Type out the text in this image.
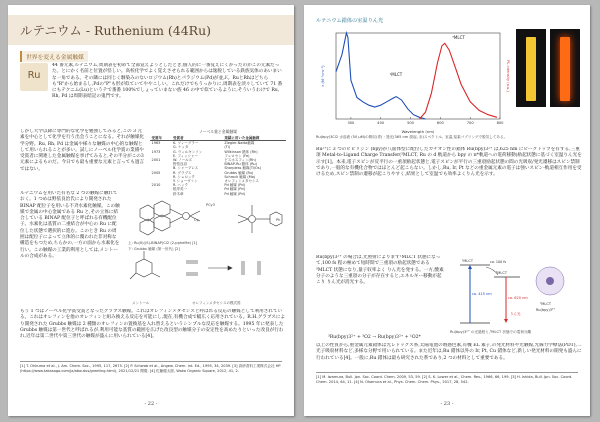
ルテニウム - Ruthenium (44Ru)
世界を変える金属触媒
Ru
44 番元素,ルテニウム,周期表を初めて全部覚えようとしたとき,個人的に一番覚えにくかったのがこの元素だった。とにかく名前と位置が怪しい。高校化学でよく覚えさせられる範囲からは逸脱している鉄族気体のあいまいな一角である。その隣には同じく馴染みのないロジウム(Rh)とパラジウム(Pd)が並ぶ。RuとRhはどちらも"R"から始まるし,Pdの"P"も形が似ていてややこしい。これだけでもうっかりに,周期表を淡々していて 71 番にもテクニム(Lu)というテで番番 100%でしょっていまない族 46 の中で似ているように,そういうわけで Ru, Rh, Pd は周期表暗記の鬼門です。
しかし大学以降に専門的な化学を勉強してみると,この 3 元素を中心として化学を行う出会うことになる。それが触媒化学分野。Ru, Rh, Pd は金属や様々な触媒の中心的な触媒として用いられることが多い。試しにノーベル化学賞の業績や受賞者に関連した金属触媒を挙げてみると,その半分がこの3元素によるものだ。今日でも最も重要な元素と言っても過言ではない。
ノーベル賞と金属触媒
受賞年	受賞者	業績に用いた金属触媒
1963	K. ツィーグラー	Ziegler-Natta触媒
	G. ナッタ	(Ti)
1973	G. ウィルキンソン	Wilkinson 錯体 (Rh)
	E. フィッシャー	フェロセン (Fe)
2001	W. ノールズ	ビスホスフィン(Rh)
	野依良治	BINAP-Ru 錯体 (Ru)
	B. シャープレス	Sharpless 触媒(Ti/Os)
2005	R. グラブス	Grubbs 触媒 (Ru)
	R. シュロック	Schrock 触媒 (Mo)
	Y. ショーヴァン	オレフィンメタセシス
2010	R. ヘック	Pd 触媒 (Pd)
	根岸英一	Pd 触媒 (Pd)
	鈴木章	Pd 触媒 (Pd)
ルテニウムを用いた有名な 2 つの触媒に触れておく。1 つめは野依良治氏により開発された BINAP 配位子を用いる不斉水素化触媒。この触媒で金属の中心金属である Ru と,その立体に結合している BINAP 配位子と呼ばれる有機配位子。水素化は基質の二重結合が中心の Ru に配位した状態で選択的に進む。このとき Ru の周囲は配位子によって立体的に覆われた非対称な構造をもつため,ちらかの,一方の面から水素化を行い。この触媒の工業的利用としては,メントールの合成がある。
PCy3
Ph
Cy
上: Ru(II)((S)-BINAP)Cl2 (2-ppheMe) [1]
下: Grubbs 触媒 (第一世代) [2]
メントール	オレフィンメタセシスの模式図
もう 1 つはノーベル化学賞受賞となったグラブス触媒。これはオレフィンメタセシスと呼ばれる反応の触媒として利用されている。これはオレフィンを他のオレフィンと組み換える反応を可能にし,現在,有機合成で幅広く応用されている。R.H.グラブスにより開発された Grubbs 触媒は 2 種類のオレフィンの置換基を入れ替えるというシンプルな反応を触媒する。1995 年に発表した Grubbs 触媒は第一世代と呼ばれるが,利用可能な基質の範囲を広げた改良型の触媒分子の安定性を高めたりといった改良が行われ,近年は第二世代や第三世代の触媒が盛んに用いられている[4]。
[1] T. Ohkuma et al., J. Am. Chem. Soc., 1995, 117, 2675. [2] P. Schwab et al., Angew. Chem. Int. Ed., 1995, 34, 2039. [3] 高砂香料工業株式会社 HP (https://www.takasago.com/ja/aboutus/greeting.html), 2021/12/21 閲覧. [4] 佐藤健太郎, Wako Organic Square, 2012, 41, 2.
- 22 -
ルテニウム錯体の室温りん光
300	400	500	600	700	800
Wavelength (nm)
ε (M⁻¹cm⁻¹)	PL intensity (a.u.)
¹MLCT
³MLCT
Ru(bpy)3Cl2 水溶液 (50 μM)の吸収(青)・発光(365 nm 励起, 赤)スペクトル。室温,窒素バブリングで脱気してある。
Ru²⁺に 3 つのビピリジン (bpy)が八面体型に配位したカチオン性の錯体 Ru(bpy)3²⁺ は,625 nm にピークトップを有する,三重項 Metal-to-Ligand Charge Transfer(³MLCT, Ru の d 軌道から bpy の π*軌道への電荷移動)励起状態に基づく室温りん光を示す[1]。本来,電子スピンが反平行の一重項励起状態と,電子スピンが平行の三重項励起状態の間の光吸収/発光遷移はスピン禁制であり,一般的な有機化合物ではほとんど起こらない。しかし,Ru, Ir, Pt などの重金属元素の電子は強いスピン-軌道相互作用を受けるため,スピン禁制の遷移が起こりやすく,結果として室温でも効率よくりん光を示す。
Ru(bpy)3²⁺ の場合は,光照射によりまず¹MLCT 状態になって,100 fs 程の極めて短時間で三重項の励起状態である³MLCT 状態になり,量子収率よく りん光を発する。一方,酸素分子のような三重項の分子が存在すると,エネルギー移動が起こり りん光が消光する。
ca. 415 nm
ca. 620 nm
¹MLCT
³MLCT
ca. 100 fs
³MLCT
Ru(bpy)3²⁺
りん光
Ru(bpy)3²⁺ の光過程と,³MLCT 状態での電荷分離
³Ru(bpy)3²⁺ + ³O2 → Ru(bpy)3²⁺ + ¹O2*
以上の性質から,重金属元素錯体は光レドックス系,太陽電池の増感色素,有機 EL 素子,の発光材料や光触媒,光線力学療法(PDT),二光子吸収材料など,多様な分野で用いられている。また近年は,Ru 錯体以外の Ir, Pt, Cu 錯体など,新しい発光材料の開発も盛んに行われている[4]。一般に,Ru 錯体は最も研究された系であり,2 つの材料として重要である。
[1] M. Iwamura, Bull. Jpn. Soc. Coord. Chem. 2009, 53, 59. [2] S. K. Lower et al., Chem. Rev., 1966, 66, 199. [3] H. Ishida, Bull. Jpn. Soc. Coord. Chem. 2014, 64, 11. [4] N. Okamura et al., Phys. Chem. Chem. Phys., 2017, 28, 542.
- 23 -
